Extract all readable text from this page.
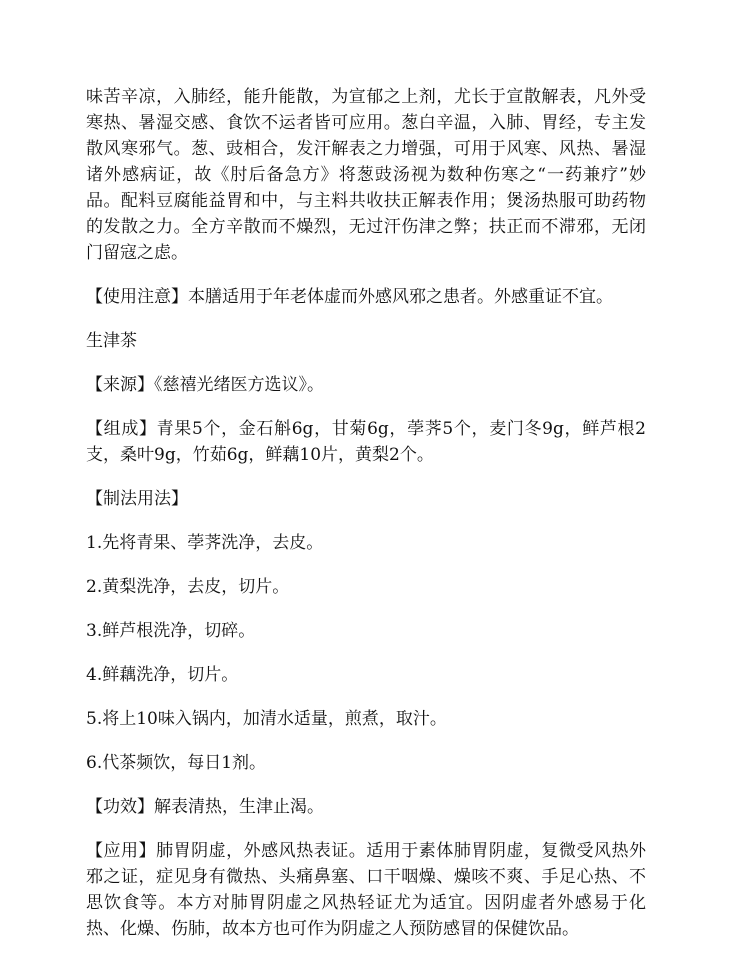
味苦辛凉，入肺经，能升能散，为宣郁之上剂，尤长于宣散解表，凡外受寒热、暑湿交感、食饮不运者皆可应用。葱白辛温，入肺、胃经，专主发散风寒邪气。葱、豉相合，发汗解表之力增强，可用于风寒、风热、暑湿诸外感病证，故《肘后备急方》将葱豉汤视为数种伤寒之“一药兼疗”妙品。配料豆腐能益胃和中，与主料共收扶正解表作用；煲汤热服可助药物的发散之力。全方辛散而不燥烈，无过汗伤津之弊；扶正而不滞邪，无闭门留寇之虑。

【使用注意】本膳适用于年老体虚而外感风邪之患者。外感重证不宜。

生津茶

【来源】《慈禧光绪医方选议》。

【组成】青果5个，金石斛6g，甘菊6g，荸荠5个，麦门冬9g，鲜芦根2支，桑叶9g，竹茹6g，鲜藕10片，黄梨2个。

【制法用法】

1.先将青果、荸荠洗净，去皮。

2.黄梨洗净，去皮，切片。

3.鲜芦根洗净，切碎。

4.鲜藕洗净，切片。

5.将上10味入锅内，加清水适量，煎煮，取汁。

6.代茶频饮，每日1剂。

【功效】解表清热，生津止渴。

【应用】肺胃阴虚，外感风热表证。适用于素体肺胃阴虚，复微受风热外邪之证，症见身有微热、头痛鼻塞、口干咽燥、燥咳不爽、手足心热、不思饮食等。本方对肺胃阴虚之风热轻证尤为适宜。因阴虚者外感易于化热、化燥、伤肺，故本方也可作为阴虚之人预防感冒的保健饮品。
